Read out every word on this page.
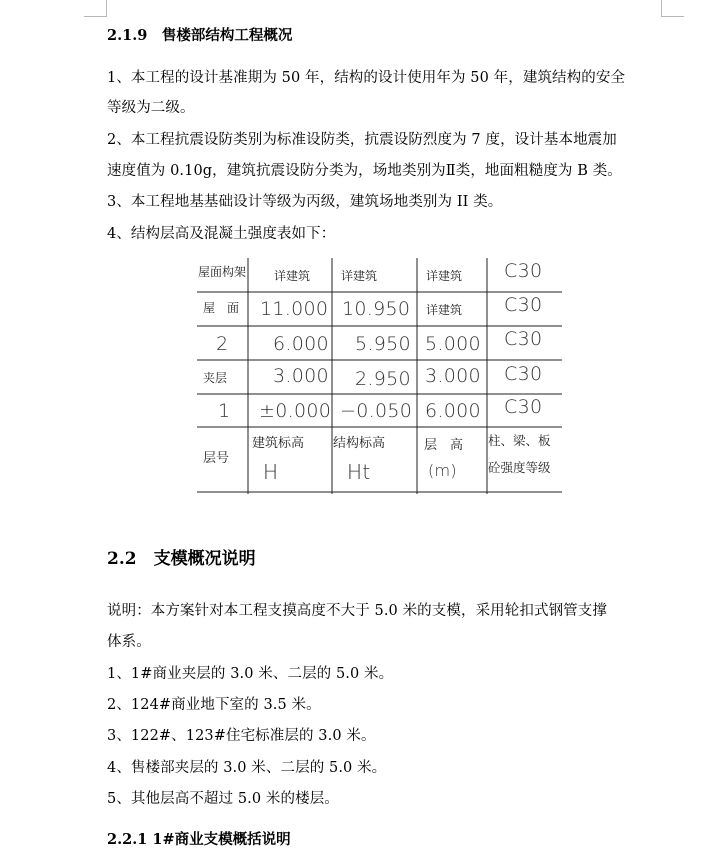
2.1.9　售楼部结构工程概况
1、本工程的设计基准期为 50 年，结构的设计使用年为 50 年，建筑结构的安全
等级为二级。
2、本工程抗震设防类别为标准设防类，抗震设防烈度为 7 度，设计基本地震加
速度值为 0.10g，建筑抗震设防分类为，场地类别为Ⅱ类，地面粗糙度为 B 类。
3、本工程地基基础设计等级为丙级，建筑场地类别为 II 类。
4、结构层高及混凝土强度表如下：
屋面构架 详建筑	详建筑	详建筑 C30
屋　面 11.000 10.950 详建筑 C30
2 6.000 5.950 5.000 C30
夹层 3.000 2.950 3.000 C30
1 ±0.000 −0.050 6.000 C30
层号
建筑标高
H
结构标高
Ht
层　高
(m)
柱、梁、板
砼强度等级
2.2　支模概况说明
说明：本方案针对本工程支摸高度不大于 5.0 米的支模，采用轮扣式钢管支撑
体系。
1、1#商业夹层的 3.0 米、二层的 5.0 米。
2、124#商业地下室的 3.5 米。
3、122#、123#住宅标准层的 3.0 米。
4、售楼部夹层的 3.0 米、二层的 5.0 米。
5、其他层高不超过 5.0 米的楼层。
2.2.1 1#商业支模概括说明
